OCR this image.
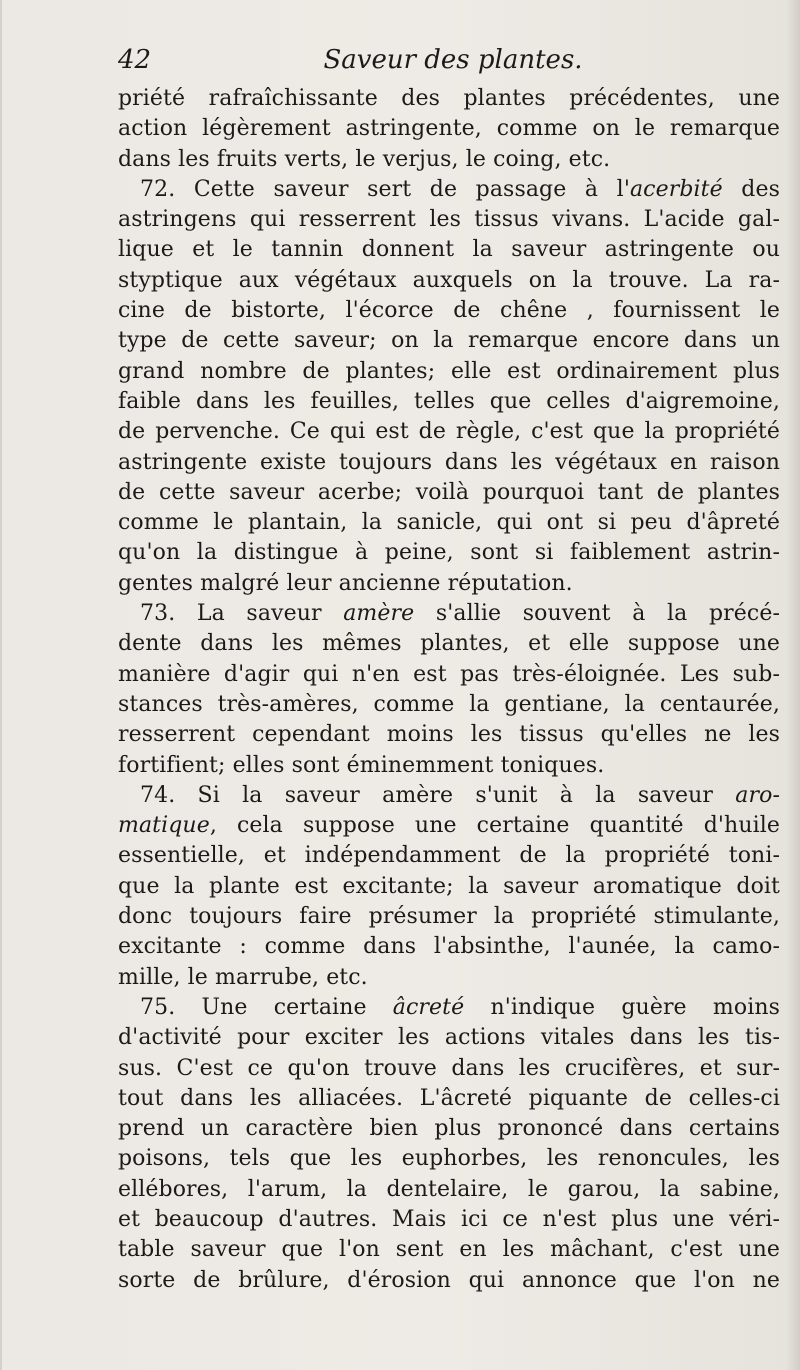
42	Saveur des plantes.
priété rafraîchissante des plantes précédentes, une
action légèrement astringente, comme on le remarque
dans les fruits verts, le verjus, le coing, etc.
72. Cette saveur sert de passage à l'acerbité des
astringens qui resserrent les tissus vivans. L'acide gal-
lique et le tannin donnent la saveur astringente ou
styptique aux végétaux auxquels on la trouve. La ra-
cine de bistorte, l'écorce de chêne , fournissent le
type de cette saveur; on la remarque encore dans un
grand nombre de plantes; elle est ordinairement plus
faible dans les feuilles, telles que celles d'aigremoine,
de pervenche. Ce qui est de règle, c'est que la propriété
astringente existe toujours dans les végétaux en raison
de cette saveur acerbe; voilà pourquoi tant de plantes
comme le plantain, la sanicle, qui ont si peu d'âpreté
qu'on la distingue à peine, sont si faiblement astrin-
gentes malgré leur ancienne réputation.
73. La saveur amère s'allie souvent à la précé-
dente dans les mêmes plantes, et elle suppose une
manière d'agir qui n'en est pas très-éloignée. Les sub-
stances très-amères, comme la gentiane, la centaurée,
resserrent cependant moins les tissus qu'elles ne les
fortifient; elles sont éminemment toniques.
74. Si la saveur amère s'unit à la saveur aro-
matique, cela suppose une certaine quantité d'huile
essentielle, et indépendamment de la propriété toni-
que la plante est excitante; la saveur aromatique doit
donc toujours faire présumer la propriété stimulante,
excitante : comme dans l'absinthe, l'aunée, la camo-
mille, le marrube, etc.
75. Une certaine âcreté n'indique guère moins
d'activité pour exciter les actions vitales dans les tis-
sus. C'est ce qu'on trouve dans les crucifères, et sur-
tout dans les alliacées. L'âcreté piquante de celles-ci
prend un caractère bien plus prononcé dans certains
poisons, tels que les euphorbes, les renoncules, les
ellébores, l'arum, la dentelaire, le garou, la sabine,
et beaucoup d'autres. Mais ici ce n'est plus une véri-
table saveur que l'on sent en les mâchant, c'est une
sorte de brûlure, d'érosion qui annonce que l'on ne
